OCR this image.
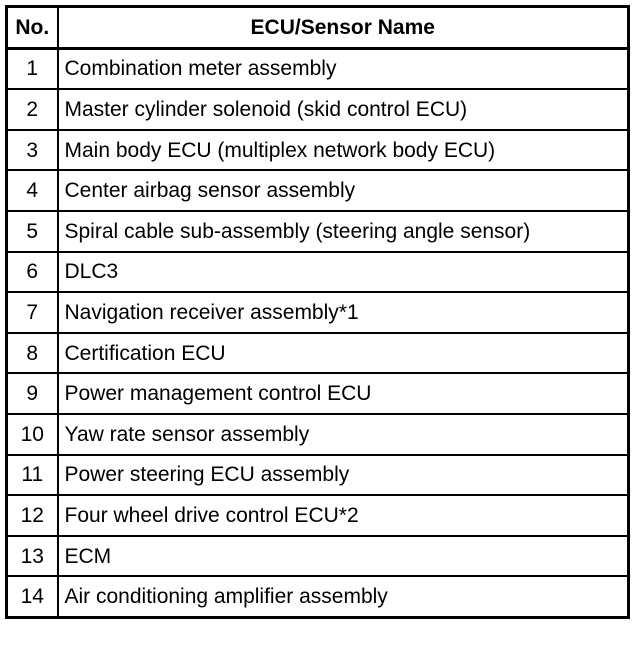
No.	ECU/Sensor Name
1	Combination meter assembly
2	Master cylinder solenoid (skid control ECU)
3	Main body ECU (multiplex network body ECU)
4	Center airbag sensor assembly
5	Spiral cable sub-assembly (steering angle sensor)
6	DLC3
7	Navigation receiver assembly*1
8	Certification ECU
9	Power management control ECU
10	Yaw rate sensor assembly
11	Power steering ECU assembly
12	Four wheel drive control ECU*2
13	ECM
14	Air conditioning amplifier assembly
